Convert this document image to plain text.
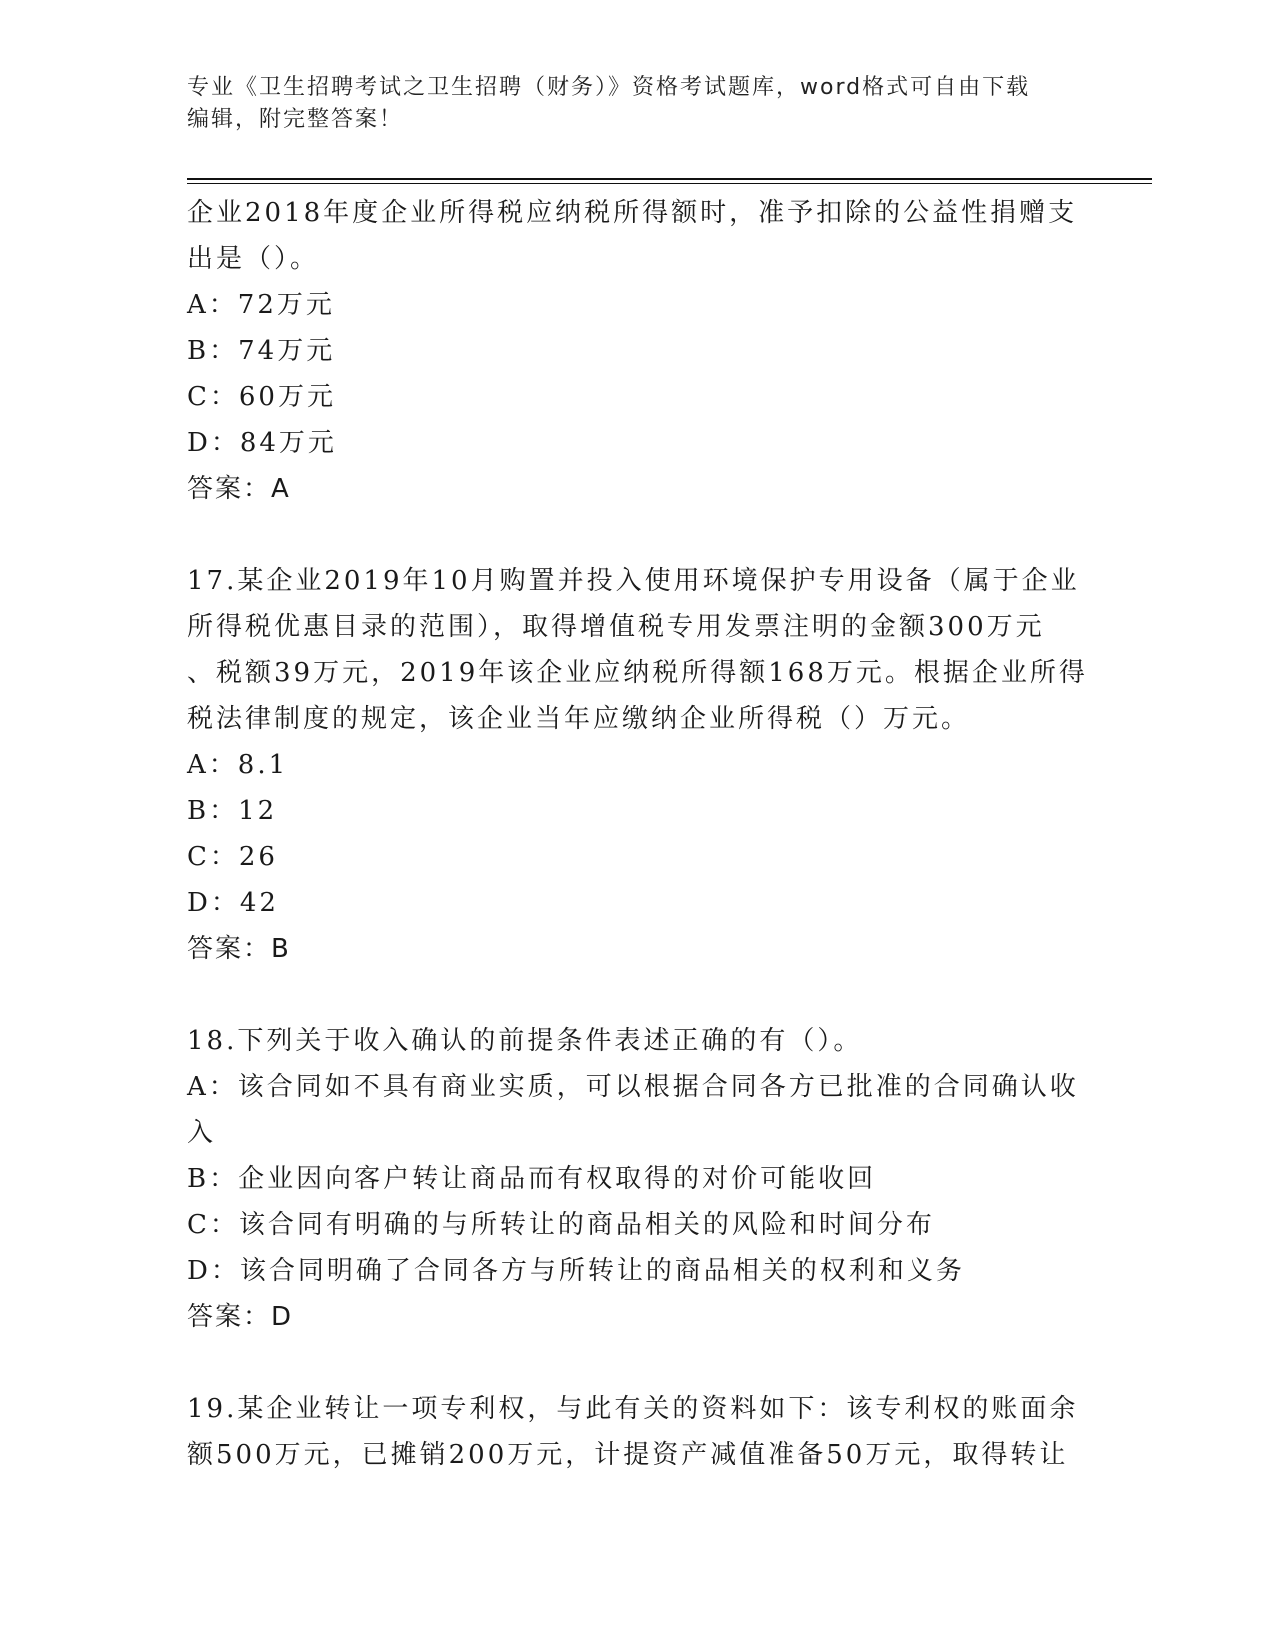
专业《卫生招聘考试之卫生招聘（财务）》资格考试题库，word格式可自由下载
编辑，附完整答案！
企业2018年度企业所得税应纳税所得额时，准予扣除的公益性捐赠支
出是（）。
A：72万元
B：74万元
C：60万元
D：84万元
答案：A
17.某企业2019年10月购置并投入使用环境保护专用设备（属于企业
所得税优惠目录的范围），取得增值税专用发票注明的金额300万元
、税额39万元，2019年该企业应纳税所得额168万元。根据企业所得
税法律制度的规定，该企业当年应缴纳企业所得税（）万元。
A：8.1
B：12
C：26
D：42
答案：B
18.下列关于收入确认的前提条件表述正确的有（）。
A：该合同如不具有商业实质，可以根据合同各方已批准的合同确认收
入
B：企业因向客户转让商品而有权取得的对价可能收回
C：该合同有明确的与所转让的商品相关的风险和时间分布
D：该合同明确了合同各方与所转让的商品相关的权利和义务
答案：D
19.某企业转让一项专利权，与此有关的资料如下：该专利权的账面余
额500万元，已摊销200万元，计提资产减值准备50万元，取得转让
